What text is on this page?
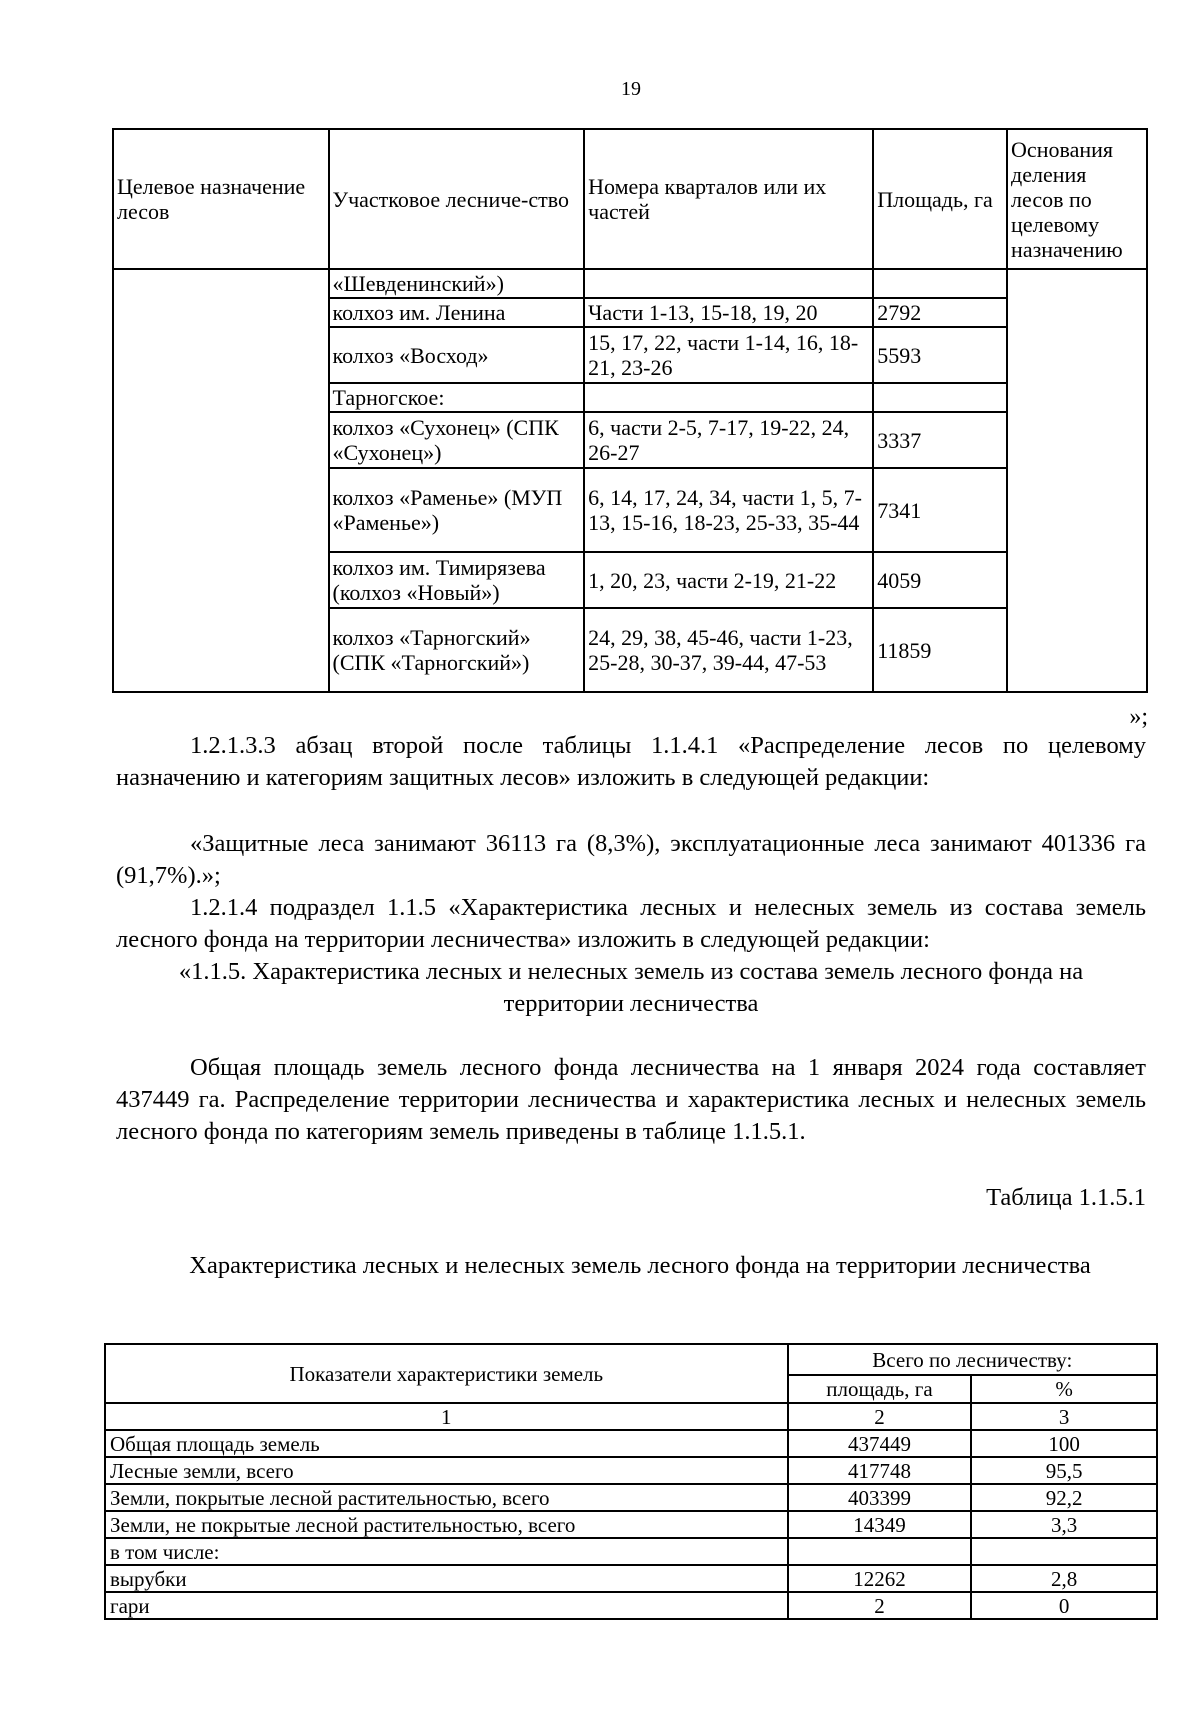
19
Целевое назначение лесов	Участковое лесниче-ство	Номера кварталов или их частей	Площадь, га	Основания деления лесов по целевому назначению
	«Шевденинский»)			
	колхоз им. Ленина	Части 1-13, 15-18, 19, 20	2792	
	колхоз «Восход»	15, 17, 22, части 1-14, 16, 18-21, 23-26	5593	
	Тарногское:			
	колхоз «Сухонец» (СПК «Сухонец»)	6, части 2-5, 7-17, 19-22, 24, 26-27	3337	
	колхоз «Раменье» (МУП «Раменье»)	6, 14, 17, 24, 34, части 1, 5, 7-13, 15-16, 18-23, 25-33, 35-44	7341	
	колхоз им. Тимирязева (колхоз «Новый»)	1, 20, 23, части 2-19, 21-22	4059	
	колхоз «Тарногский» (СПК «Тарногский»)	24, 29, 38, 45-46, части 1-23, 25-28, 30-37, 39-44, 47-53	11859	
»;
1.2.1.3.3 абзац второй после таблицы 1.1.4.1 «Распределение лесов по целевому назначению и категориям защитных лесов» изложить в следующей редакции:
«Защитные леса занимают 36113 га (8,3%), эксплуатационные леса занимают 401336 га (91,7%).»;
1.2.1.4 подраздел 1.1.5 «Характеристика лесных и нелесных земель из состава земель лесного фонда на территории лесничества» изложить в следующей редакции:
«1.1.5. Характеристика лесных и нелесных земель из состава земель лесного фонда на территории лесничества
Общая площадь земель лесного фонда лесничества на 1 января 2024 года составляет 437449 га. Распределение территории лесничества и характеристика лесных и нелесных земель лесного фонда по категориям земель приведены в таблице 1.1.5.1.
Таблица 1.1.5.1
Характеристика лесных и нелесных земель лесного фонда на территории лесничества
Показатели характеристики земель	Всего по лесничеству:	
	площадь, га	%
1	2	3
Общая площадь земель	437449	100
Лесные земли, всего	417748	95,5
Земли, покрытые лесной растительностью, всего	403399	92,2
Земли, не покрытые лесной растительностью, всего	14349	3,3
в том числе:		
вырубки	12262	2,8
гари	2	0
